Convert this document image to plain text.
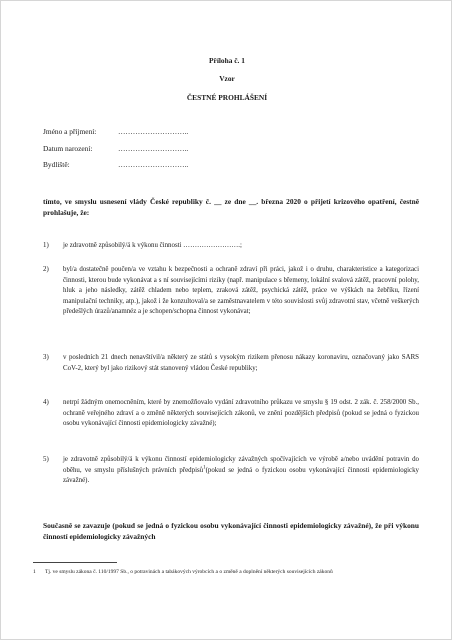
Příloha č. 1
Vzor
ČESTNÉ PROHLÁŠENÍ
Jméno a příjmení:	………………………..
Datum narození:	………………………..
Bydliště:	………………………..
tímto, ve smyslu usnesení vlády České republiky č. __ ze dne __. března 2020 o přijetí krizového opatření, čestně prohlašuje, že:
1)	je zdravotně způsobilý/á k výkonu činnosti …………………….;
2)	byl/a dostatečně poučen/a ve vztahu k bezpečnosti a ochraně zdraví při práci, jakož i o druhu, charakteristice a kategorizaci činnosti, kterou bude vykonávat a s ní souvisejícími riziky (např. manipulace s břemeny, lokální svalová zátěž, pracovní polohy, hluk a jeho následky, zátěž chladem nebo teplem, zraková zátěž, psychická zátěž, práce ve výškách na žebříku, řízení manipulační techniky, atp.), jakož i že konzultoval/a se zaměstnavatelem v této souvislosti svůj zdravotní stav, včetně veškerých předešlých úrazů/anamnéz a je schopen/schopna činnost vykonávat;
3)	v posledních 21 dnech nenavštívil/a některý ze států s vysokým rizikem přenosu nákazy koronaviru, označovaný jako SARS CoV-2, který byl jako rizikový stát stanovený vládou České republiky;
4)	netrpí žádným onemocněním, které by znemožňovalo vydání zdravotního průkazu ve smyslu § 19 odst. 2 zák. č. 258/2000 Sb., ochraně veřejného zdraví a o změně některých souvisejících zákonů, ve znění pozdějších předpisů (pokud se jedná o fyzickou osobu vykonávající činnosti epidemiologicky závažné);
5)	je zdravotně způsobilý/á k výkonu činností epidemiologicky závažných spočívajících ve výrobě a/nebo uvádění potravin do oběhu, ve smyslu příslušných právních předpisů$^1$(pokud se jedná o fyzickou osobu vykonávající činnosti epidemiologicky závažné).
Současně se zavazuje (pokud se jedná o fyzickou osobu vykonávající činnosti epidemiologicky závažné), že při výkonu činností epidemiologicky závažných
1 Tj. ve smyslu zákona č. 110/1997 Sb., o potravinách a tabákových výrobcích a o změně a doplnění některých souvisejících zákonů
